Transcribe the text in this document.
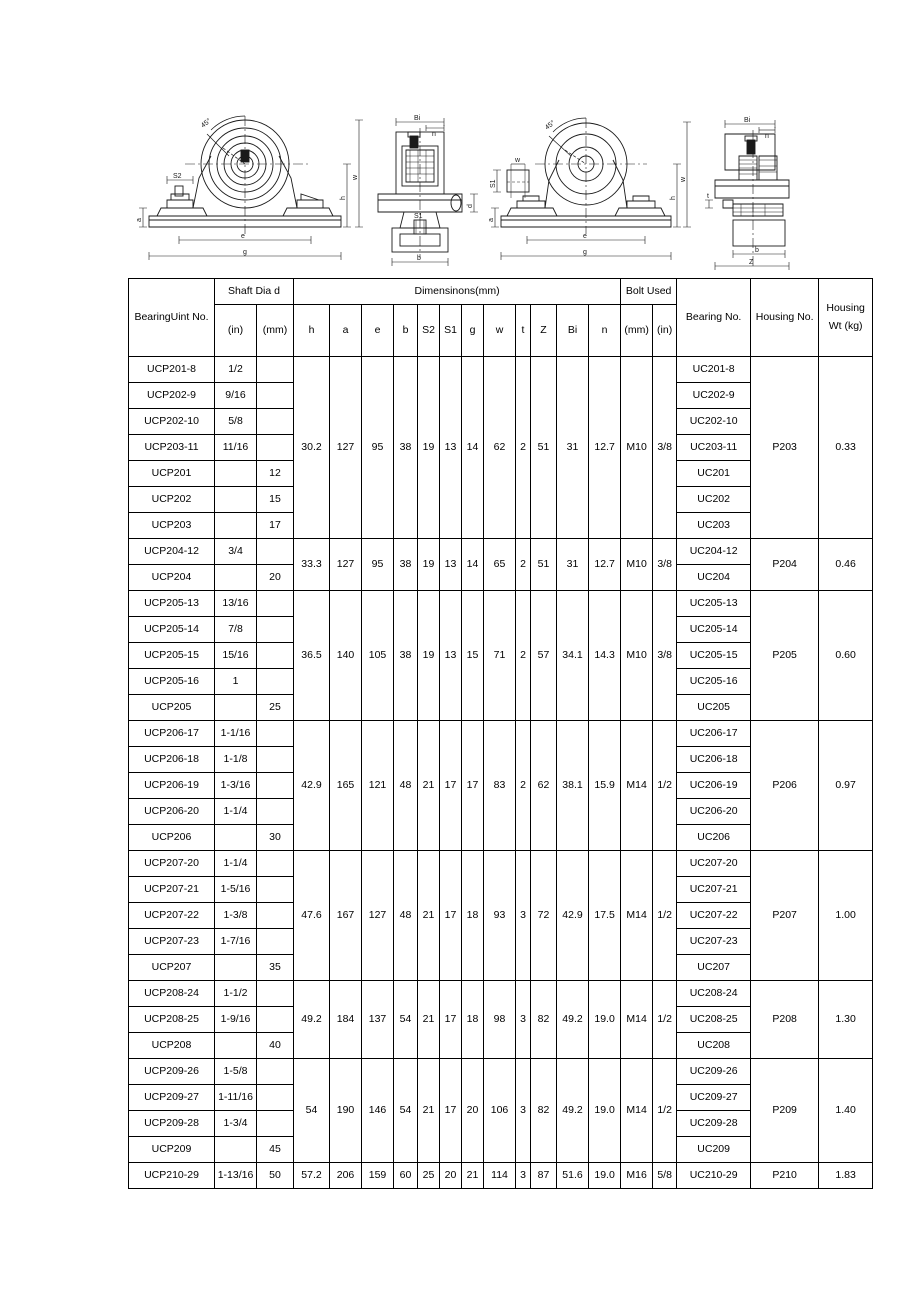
45°
S2
a
e
g
h
w
Bi
n
S1
d
b
45°
S1
w
a
e
g
h
w
Bi
n
t
b
Z
BearingUint No.	Shaft Dia d		Dimensinons(mm)												Bolt Used		Bearing No.	Housing No.	Housing
Wt (kg)

	(in)	(mm)	h	a	e	b	S2	S1	g	w	t	Z	Bi	n	(mm)	(in)			

UCP201-8	1/2		30.2	127	95	38	19	13	14	62	2	51	31	12.7	M10	3/8	UC201-8	P203	0.33
UCP202-9	9/16																UC202-9		
UCP202-10	5/8																UC202-10		
UCP203-11	11/16																UC203-11		
UCP201		12															UC201		
UCP202		15															UC202		
UCP203		17															UC203		
UCP204-12	3/4		33.3	127	95	38	19	13	14	65	2	51	31	12.7	M10	3/8	UC204-12	P204	0.46
UCP204		20															UC204		
UCP205-13	13/16		36.5	140	105	38	19	13	15	71	2	57	34.1	14.3	M10	3/8	UC205-13	P205	0.60
UCP205-14	7/8																UC205-14		
UCP205-15	15/16																UC205-15		
UCP205-16	1																UC205-16		
UCP205		25															UC205		
UCP206-17	1-1/16		42.9	165	121	48	21	17	17	83	2	62	38.1	15.9	M14	1/2	UC206-17	P206	0.97
UCP206-18	1-1/8																UC206-18		
UCP206-19	1-3/16																UC206-19		
UCP206-20	1-1/4																UC206-20		
UCP206		30															UC206		
UCP207-20	1-1/4		47.6	167	127	48	21	17	18	93	3	72	42.9	17.5	M14	1/2	UC207-20	P207	1.00
UCP207-21	1-5/16																UC207-21		
UCP207-22	1-3/8																UC207-22		
UCP207-23	1-7/16																UC207-23		
UCP207		35															UC207		
UCP208-24	1-1/2		49.2	184	137	54	21	17	18	98	3	82	49.2	19.0	M14	1/2	UC208-24	P208	1.30
UCP208-25	1-9/16																UC208-25		
UCP208		40															UC208		
UCP209-26	1-5/8		54	190	146	54	21	17	20	106	3	82	49.2	19.0	M14	1/2	UC209-26	P209	1.40
UCP209-27	1-11/16																UC209-27		
UCP209-28	1-3/4																UC209-28		
UCP209		45															UC209		
UCP210-29	1-13/16	50	57.2	206	159	60	25	20	21	114	3	87	51.6	19.0	M16	5/8	UC210-29	P210	1.83
